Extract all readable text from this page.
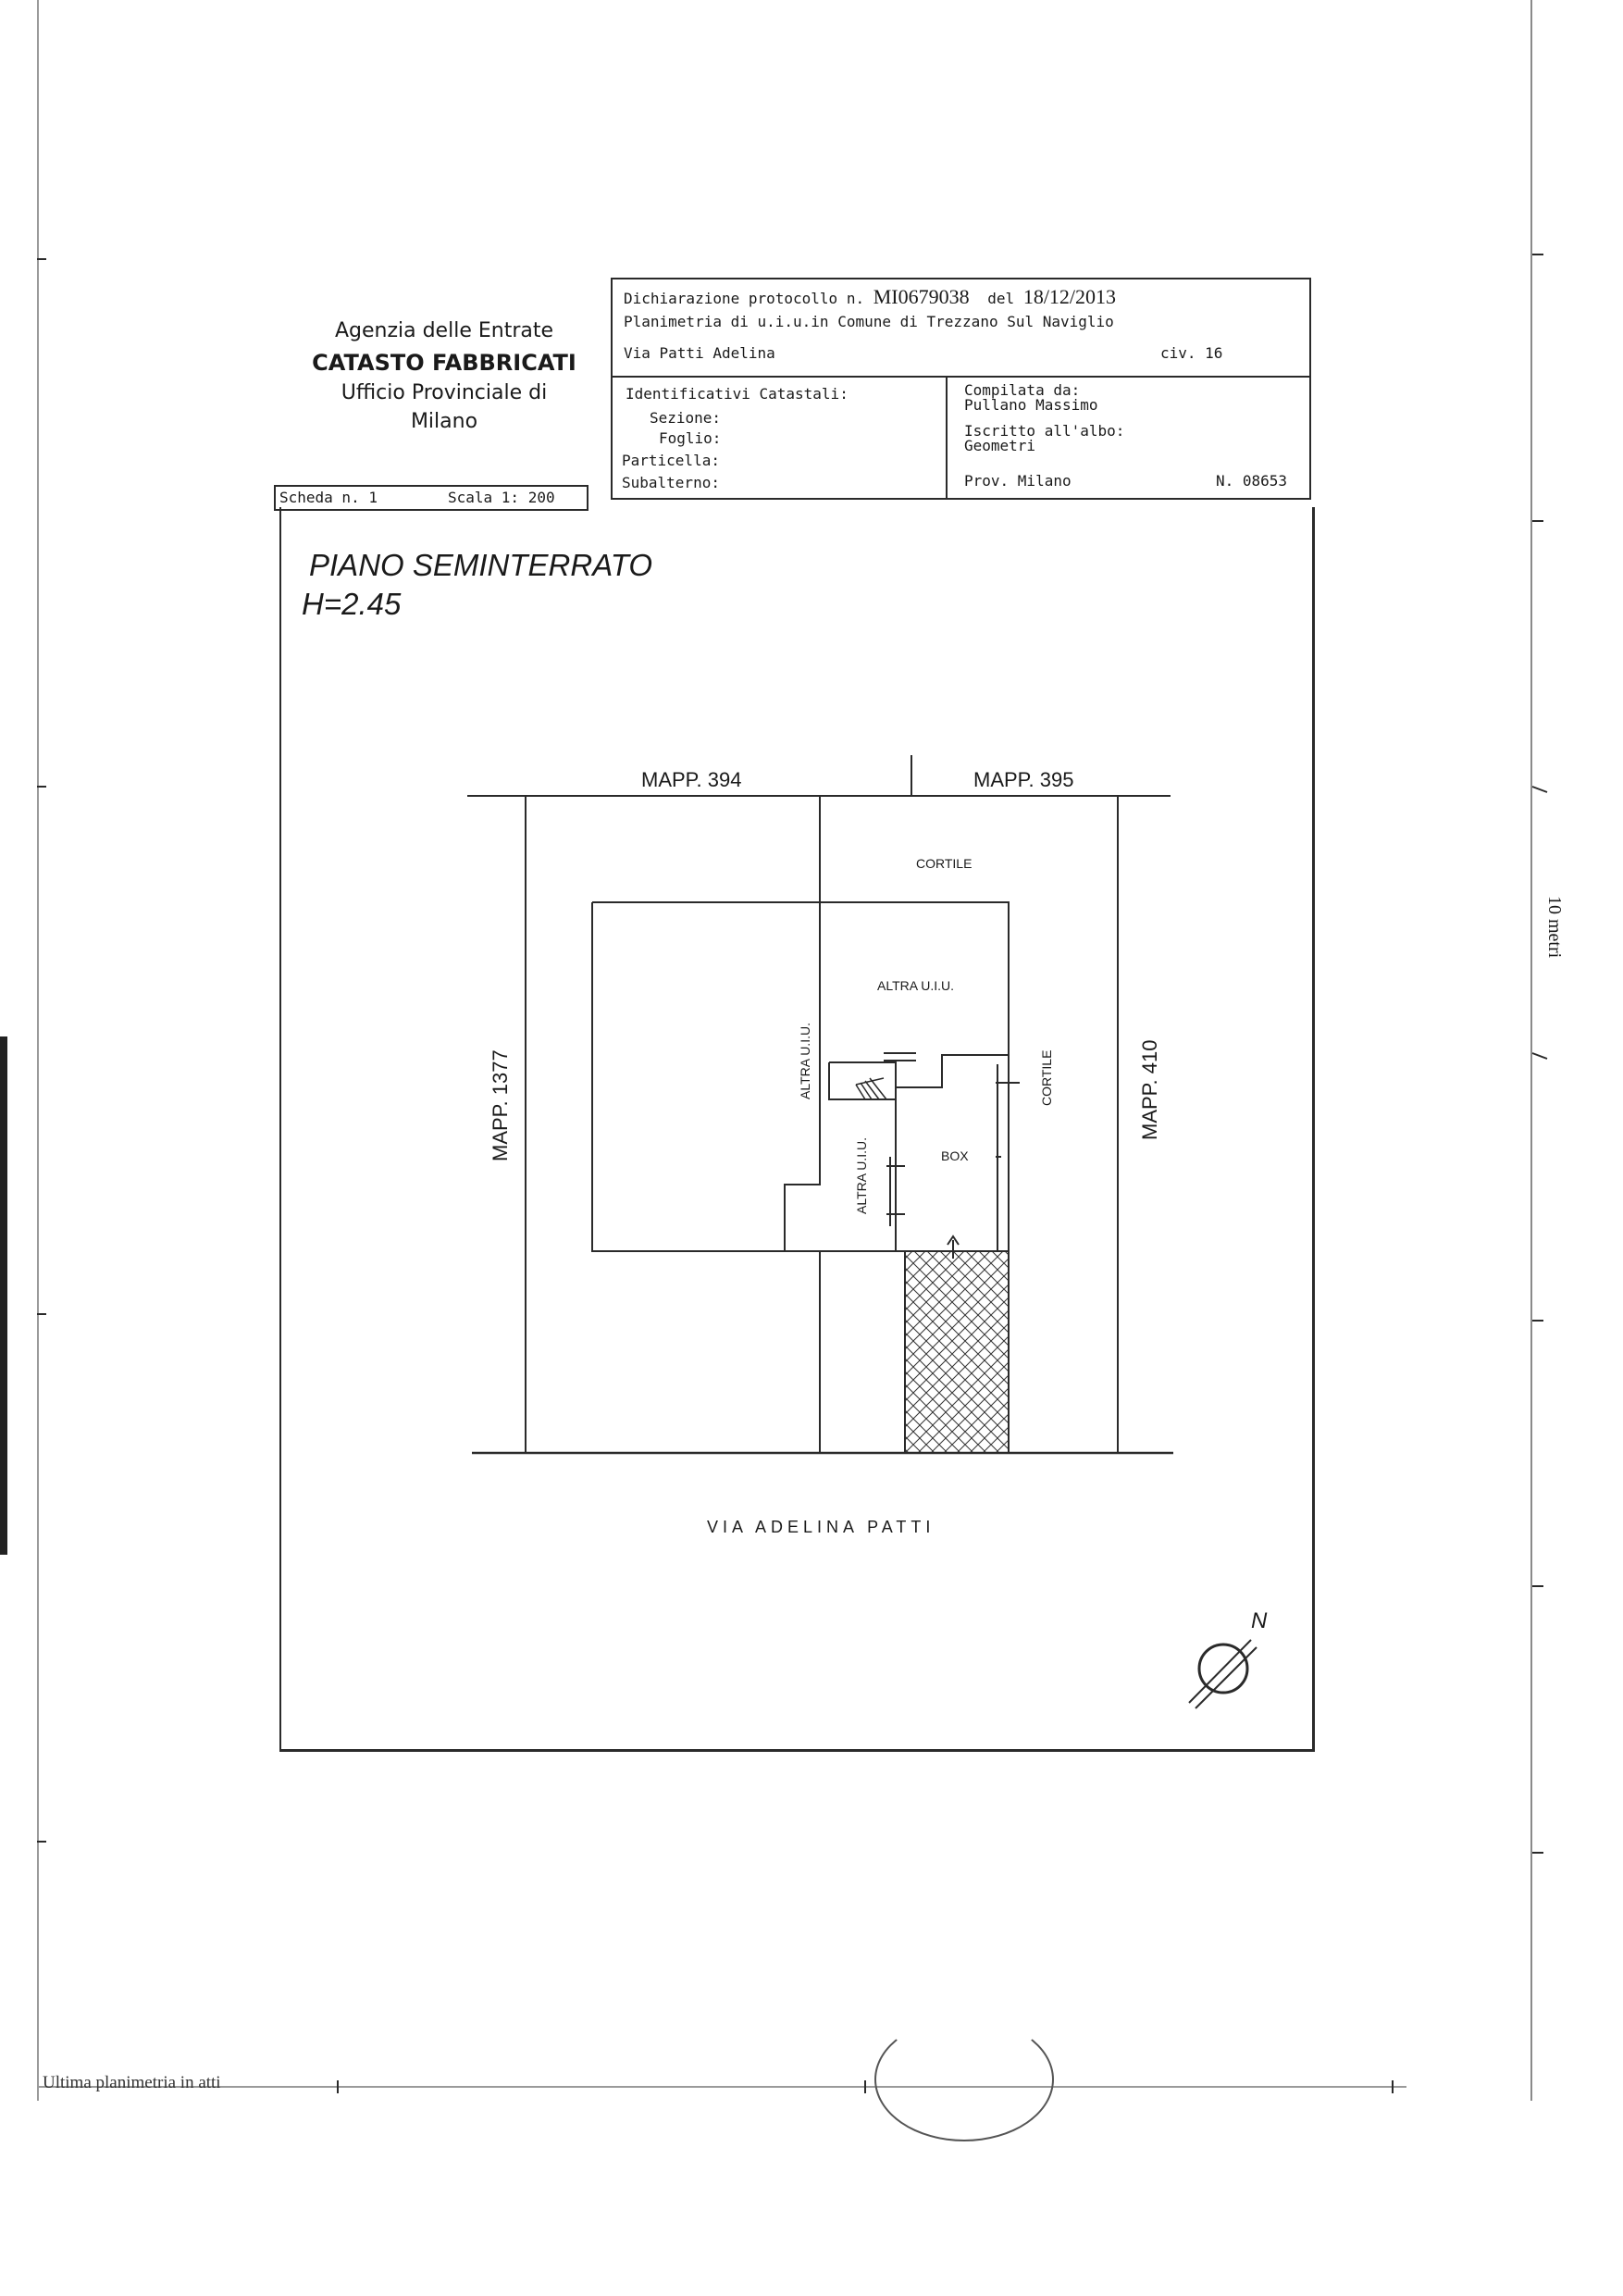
Agenzia delle Entrate
CATASTO FABBRICATI
Ufficio Provinciale di
Milano
Dichiarazione protocollo n. MI0679038 del 18/12/2013
Planimetria di u.i.u.in Comune di Trezzano Sul Naviglio
Via Patti Adelina	civ. 16
Identificativi Catastali:
Sezione:
Foglio:
Particella:
Subalterno:
Compilata da:
Pullano Massimo
Iscritto all'albo:
Geometri
Prov. Milano	N. 08653
Scheda n. 1	Scala 1: 200
PIANO SEMINTERRATO
H=2.45
MAPP. 394	MAPP. 395
MAPP. 1377	MAPP. 410
CORTILE
CORTILE
ALTRA U.I.U.
ALTRA U.I.U.
ALTRA U.I.U.	BOX
VIA ADELINA PATTI
N
10 metri
Ultima planimetria in atti
